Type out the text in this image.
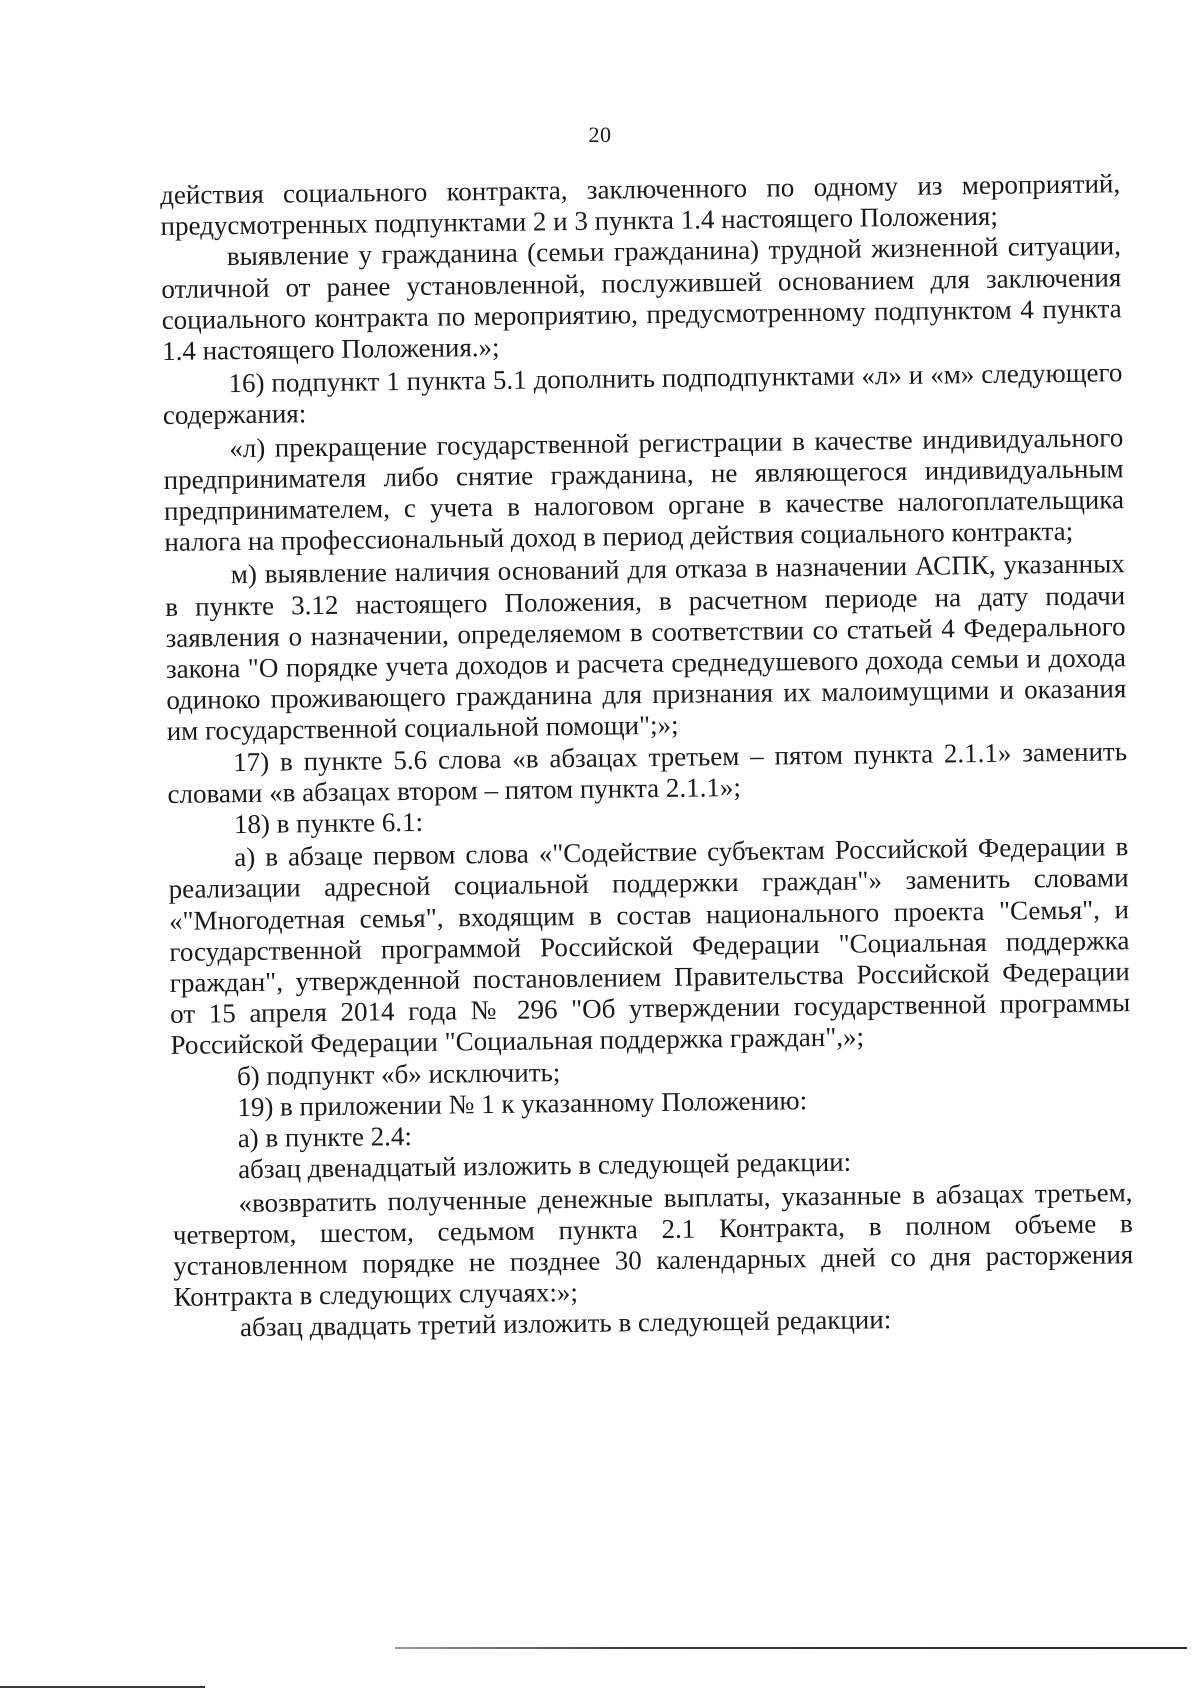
20

действия социального контракта, заключенного по одному из мероприятий, предусмотренных подпунктами 2 и 3 пункта 1.4 настоящего Положения;

выявление у гражданина (семьи гражданина) трудной жизненной ситуации, отличной от ранее установленной, послужившей основанием для заключения социального контракта по мероприятию, предусмотренному подпунктом 4 пункта 1.4 настоящего Положения.»;

16) подпункт 1 пункта 5.1 дополнить подподпунктами «л» и «м» следующего содержания:

«л) прекращение государственной регистрации в качестве индивидуального предпринимателя либо снятие гражданина, не являющегося индивидуальным предпринимателем, с учета в налоговом органе в качестве налогоплательщика налога на профессиональный доход в период действия социального контракта;

м) выявление наличия оснований для отказа в назначении АСПК, указанных в пункте 3.12 настоящего Положения, в расчетном периоде на дату подачи заявления о назначении, определяемом в соответствии со статьей 4 Федерального закона "О порядке учета доходов и расчета среднедушевого дохода семьи и дохода одиноко проживающего гражданина для признания их малоимущими и оказания им государственной социальной помощи";»;

17) в пункте 5.6 слова «в абзацах третьем – пятом пункта 2.1.1» заменить словами «в абзацах втором – пятом пункта 2.1.1»;

18) в пункте 6.1:

а) в абзаце первом слова «"Содействие субъектам Российской Федерации в реализации адресной социальной поддержки граждан"» заменить словами «"Многодетная семья", входящим в состав национального проекта "Семья", и государственной программой Российской Федерации "Социальная поддержка граждан", утвержденной постановлением Правительства Российской Федерации от 15 апреля 2014 года № 296 "Об утверждении государственной программы Российской Федерации "Социальная поддержка граждан",»;

б) подпункт «б» исключить;

19) в приложении № 1 к указанному Положению:

а) в пункте 2.4:

абзац двенадцатый изложить в следующей редакции:

«возвратить полученные денежные выплаты, указанные в абзацах третьем, четвертом, шестом, седьмом пункта 2.1 Контракта, в полном объеме в установленном порядке не позднее 30 календарных дней со дня расторжения Контракта в следующих случаях:»;

абзац двадцать третий изложить в следующей редакции:
